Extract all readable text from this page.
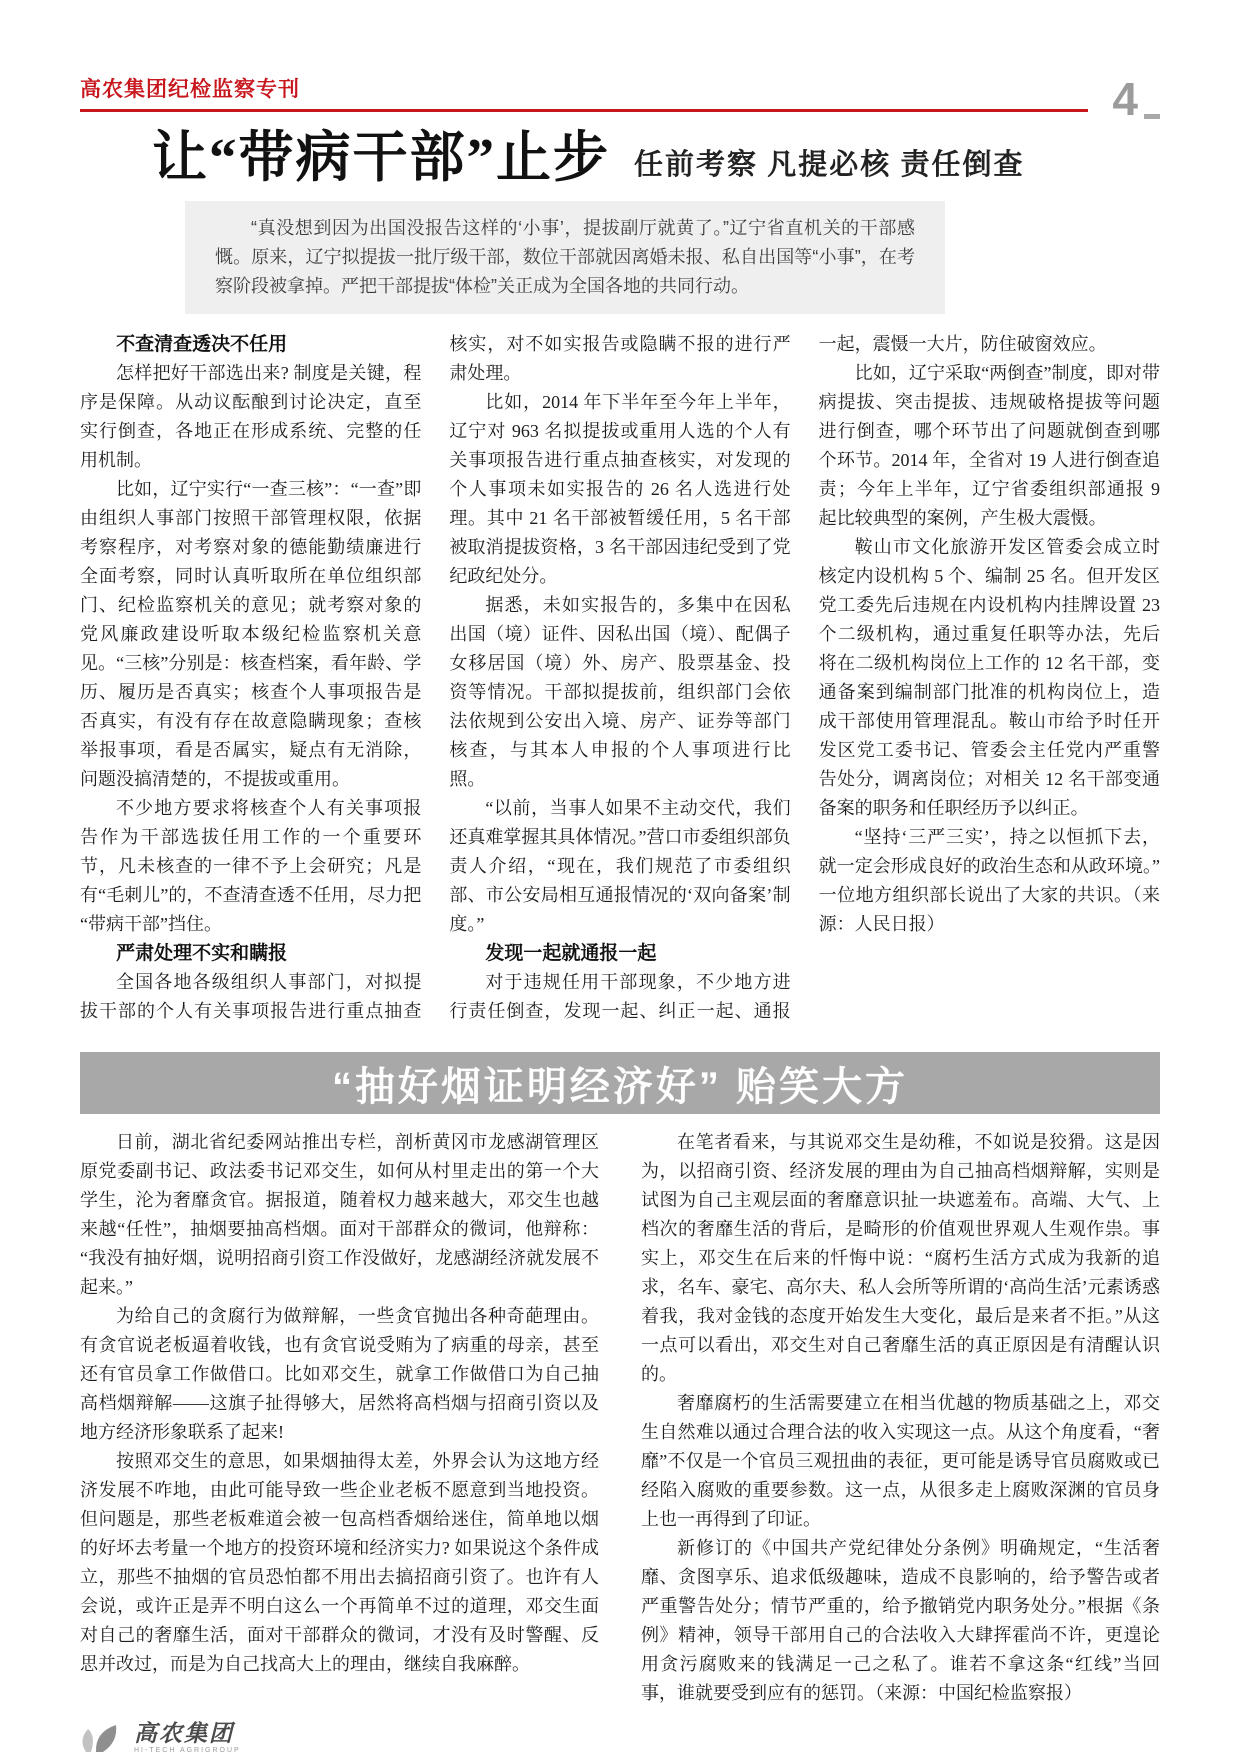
高农集团纪检监察专刊	4
让“带病干部”止步 任前考察 凡提必核 责任倒查

“真没想到因为出国没报告这样的‘小事’，提拔副厅就黄了。”辽宁省直机关的干部感慨。原来，辽宁拟提拔一批厅级干部，数位干部就因离婚未报、私自出国等“小事”，在考察阶段被拿掉。严把干部提拔“体检”关正成为全国各地的共同行动。

不查清查透决不任用
怎样把好干部选出来? 制度是关键，程序是保障。从动议酝酿到讨论决定，直至实行倒查，各地正在形成系统、完整的任用机制。
比如，辽宁实行“一查三核”：“一查”即由组织人事部门按照干部管理权限，依据考察程序，对考察对象的德能勤绩廉进行全面考察，同时认真听取所在单位组织部门、纪检监察机关的意见；就考察对象的党风廉政建设听取本级纪检监察机关意见。“三核”分别是：核查档案，看年龄、学历、履历是否真实；核查个人事项报告是否真实，有没有存在故意隐瞒现象；查核举报事项，看是否属实，疑点有无消除，问题没搞清楚的，不提拔或重用。
不少地方要求将核查个人有关事项报告作为干部选拔任用工作的一个重要环节，凡未核查的一律不予上会研究；凡是有“毛刺儿”的，不查清查透不任用，尽力把“带病干部”挡住。
严肃处理不实和瞒报
全国各地各级组织人事部门，对拟提拔干部的个人有关事项报告进行重点抽查核实，对不如实报告或隐瞒不报的进行严肃处理。
比如，2014 年下半年至今年上半年，辽宁对 963 名拟提拔或重用人选的个人有关事项报告进行重点抽查核实，对发现的个人事项未如实报告的 26 名人选进行处理。其中 21 名干部被暂缓任用，5 名干部被取消提拔资格，3 名干部因违纪受到了党纪政纪处分。
据悉，未如实报告的，多集中在因私出国（境）证件、因私出国（境）、配偶子女移居国（境）外、房产、股票基金、投资等情况。干部拟提拔前，组织部门会依法依规到公安出入境、房产、证券等部门核查，与其本人申报的个人事项进行比照。
“以前，当事人如果不主动交代，我们还真难掌握其具体情况。”营口市委组织部负责人介绍，“现在，我们规范了市委组织部、市公安局相互通报情况的‘双向备案’制度。”
发现一起就通报一起
对于违规任用干部现象，不少地方进行责任倒查，发现一起、纠正一起、通报一起，震慑一大片，防住破窗效应。
比如，辽宁采取“两倒查”制度，即对带病提拔、突击提拔、违规破格提拔等问题进行倒查，哪个环节出了问题就倒查到哪个环节。2014 年，全省对 19 人进行倒查追责；今年上半年，辽宁省委组织部通报 9 起比较典型的案例，产生极大震慑。
鞍山市文化旅游开发区管委会成立时核定内设机构 5 个、编制 25 名。但开发区党工委先后违规在内设机构内挂牌设置 23 个二级机构，通过重复任职等办法，先后将在二级机构岗位上工作的 12 名干部，变通备案到编制部门批准的机构岗位上，造成干部使用管理混乱。鞍山市给予时任开发区党工委书记、管委会主任党内严重警告处分，调离岗位；对相关 12 名干部变通备案的职务和任职经历予以纠正。
“坚持‘三严三实’，持之以恒抓下去，就一定会形成良好的政治生态和从政环境。”一位地方组织部长说出了大家的共识。（来源：人民日报）
“抽好烟证明经济好” 贻笑大方
日前，湖北省纪委网站推出专栏，剖析黄冈市龙感湖管理区原党委副书记、政法委书记邓交生，如何从村里走出的第一个大学生，沦为奢靡贪官。据报道，随着权力越来越大，邓交生也越来越“任性”，抽烟要抽高档烟。面对干部群众的微词，他辩称：“我没有抽好烟，说明招商引资工作没做好，龙感湖经济就发展不起来。”
为给自己的贪腐行为做辩解，一些贪官抛出各种奇葩理由。有贪官说老板逼着收钱，也有贪官说受贿为了病重的母亲，甚至还有官员拿工作做借口。比如邓交生，就拿工作做借口为自己抽高档烟辩解——这旗子扯得够大，居然将高档烟与招商引资以及地方经济形象联系了起来!
按照邓交生的意思，如果烟抽得太差，外界会认为这地方经济发展不咋地，由此可能导致一些企业老板不愿意到当地投资。但问题是，那些老板难道会被一包高档香烟给迷住，简单地以烟的好坏去考量一个地方的投资环境和经济实力? 如果说这个条件成立，那些不抽烟的官员恐怕都不用出去搞招商引资了。也许有人会说，或许正是弄不明白这么一个再简单不过的道理，邓交生面对自己的奢靡生活，面对干部群众的微词，才没有及时警醒、反思并改过，而是为自己找高大上的理由，继续自我麻醉。
在笔者看来，与其说邓交生是幼稚，不如说是狡猾。这是因为，以招商引资、经济发展的理由为自己抽高档烟辩解，实则是试图为自己主观层面的奢靡意识扯一块遮羞布。高端、大气、上档次的奢靡生活的背后，是畸形的价值观世界观人生观作祟。事实上，邓交生在后来的忏悔中说：“腐朽生活方式成为我新的追求，名车、豪宅、高尔夫、私人会所等所谓的‘高尚生活’元素诱惑着我，我对金钱的态度开始发生大变化，最后是来者不拒。”从这一点可以看出，邓交生对自己奢靡生活的真正原因是有清醒认识的。
奢靡腐朽的生活需要建立在相当优越的物质基础之上，邓交生自然难以通过合理合法的收入实现这一点。从这个角度看，“奢靡”不仅是一个官员三观扭曲的表征，更可能是诱导官员腐败或已经陷入腐败的重要参数。这一点，从很多走上腐败深渊的官员身上也一再得到了印证。
新修订的《中国共产党纪律处分条例》明确规定，“生活奢靡、贪图享乐、追求低级趣味，造成不良影响的，给予警告或者严重警告处分；情节严重的，给予撤销党内职务处分。”根据《条例》精神，领导干部用自己的合法收入大肆挥霍尚不许，更遑论用贪污腐败来的钱满足一己之私了。谁若不拿这条“红线”当回事，谁就要受到应有的惩罚。（来源：中国纪检监察报）
高农集团
HI-TECH AGRIGROUP
